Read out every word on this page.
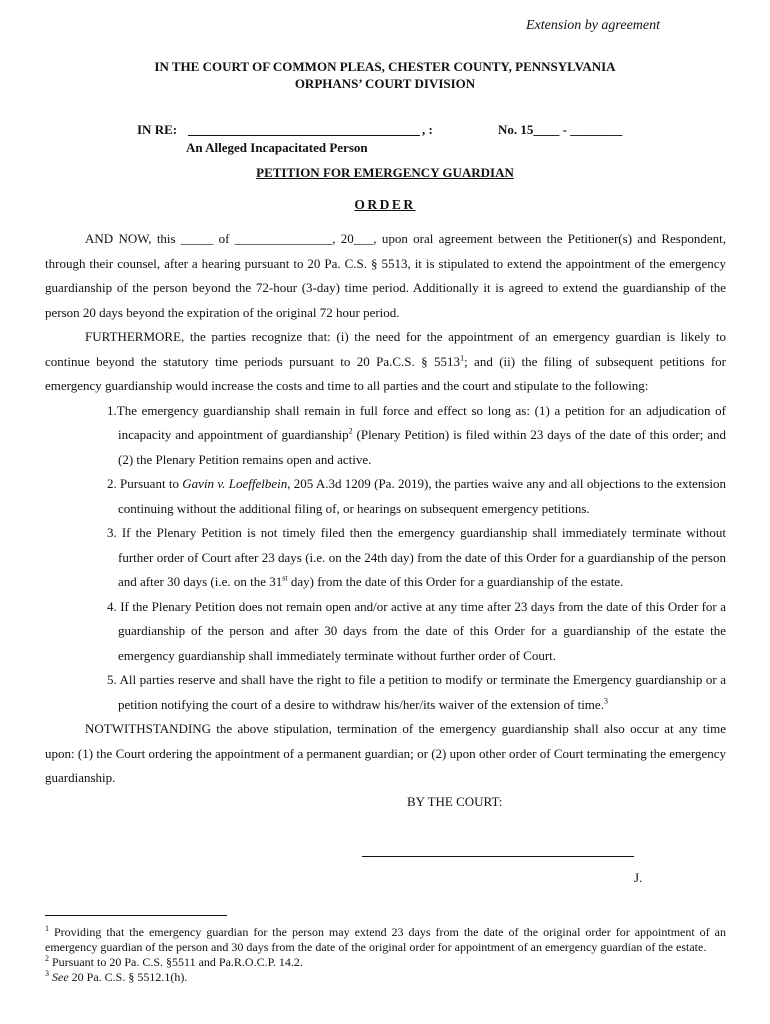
Extension by agreement
IN THE COURT OF COMMON PLEAS, CHESTER COUNTY, PENNSYLVANIA
ORPHANS’ COURT DIVISION
IN RE:	, :	No. 15____ - ________
An Alleged Incapacitated Person
PETITION FOR EMERGENCY GUARDIAN
ORDER

AND NOW, this _____ of _______________, 20___, upon oral agreement between the Petitioner(s) and Respondent, through their counsel, after a hearing pursuant to 20 Pa. C.S. § 5513, it is stipulated to extend the appointment of the emergency guardianship of the person beyond the 72-hour (3-day) time period. Additionally it is agreed to extend the guardianship of the person 20 days beyond the expiration of the original 72 hour period.

FURTHERMORE, the parties recognize that: (i) the need for the appointment of an emergency guardian is likely to continue beyond the statutory time periods pursuant to 20 Pa.C.S. § 5513$^1$; and (ii) the filing of subsequent petitions for emergency guardianship would increase the costs and time to all parties and the court and stipulate to the following:

1.The emergency guardianship shall remain in full force and effect so long as: (1) a petition for an adjudication of incapacity and appointment of guardianship$^2$ (Plenary Petition) is filed within 23 days of the date of this order; and (2) the Plenary Petition remains open and active.
2. Pursuant to Gavin v. Loeffelbein, 205 A.3d 1209 (Pa. 2019), the parties waive any and all objections to the extension continuing without the additional filing of, or hearings on subsequent emergency petitions.
3. If the Plenary Petition is not timely filed then the emergency guardianship shall immediately terminate without further order of Court after 23 days (i.e. on the 24th day) from the date of this Order for a guardianship of the person and after 30 days (i.e. on the 31st day) from the date of this Order for a guardianship of the estate.
4. If the Plenary Petition does not remain open and/or active at any time after 23 days from the date of this Order for a guardianship of the person and after 30 days from the date of this Order for a guardianship of the estate the emergency guardianship shall immediately terminate without further order of Court.
5. All parties reserve and shall have the right to file a petition to modify or terminate the Emergency guardianship or a petition notifying the court of a desire to withdraw his/her/its waiver of the extension of time.$^3$

NOTWITHSTANDING the above stipulation, termination of the emergency guardianship shall also occur at any time upon: (1) the Court ordering the appointment of a permanent guardian; or (2) upon other order of Court terminating the emergency guardianship.

BY THE COURT:
J.

$^1$ Providing that the emergency guardian for the person may extend 23 days from the date of the original order for appointment of an emergency guardian of the person and 30 days from the date of the original order for appointment of an emergency guardian of the estate.

$^2$ Pursuant to 20 Pa. C.S. §5511 and Pa.R.O.C.P. 14.2.

$^3$ See 20 Pa. C.S. § 5512.1(h).
